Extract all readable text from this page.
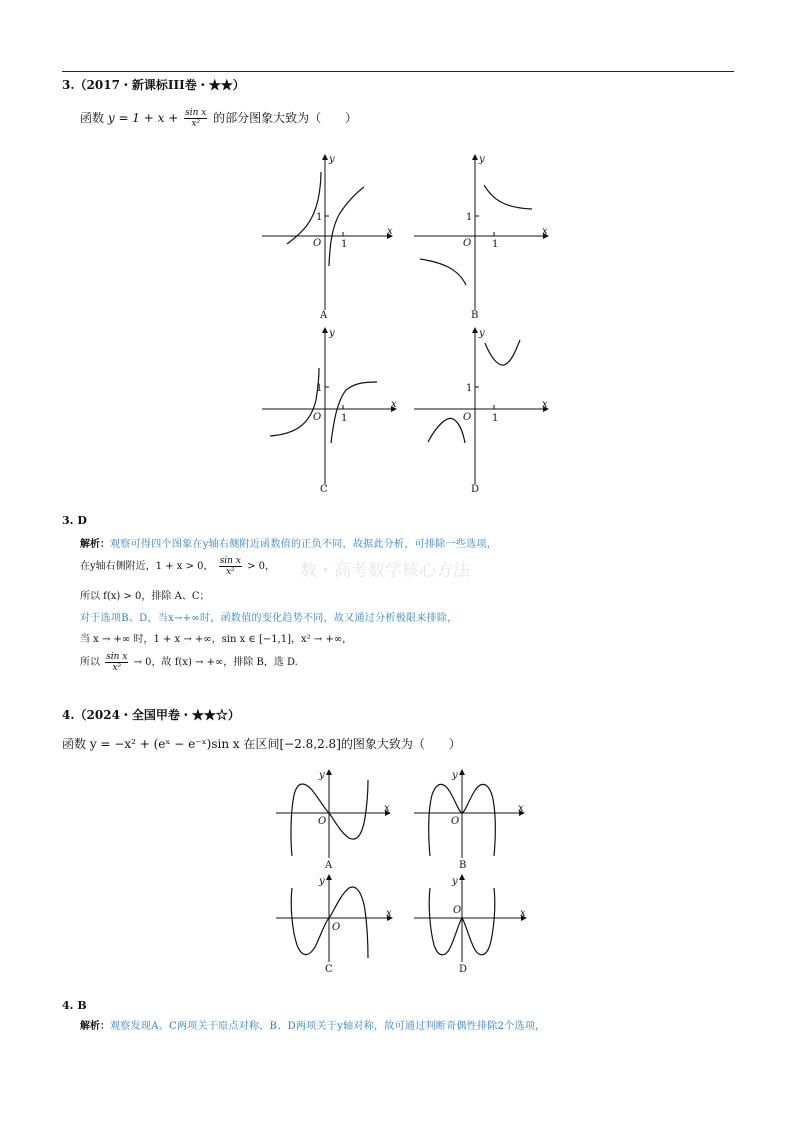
3.（2017・新课标III卷・★★）
函数 $y = 1 + x + \frac{\text{sin x}}{\text{x²}}$ 的部分图象大致为（　　）
x
y
O
1
1
A
x
y
O
1
1
B
x
y
O
1
1
C
x
y
O
1
1
D
x
y
O
A
x
y
O
B
x
y
O
C
x
y
O
D
3. D
解析：观察可得四个图象在y轴右侧附近函数值的正负不同，故据此分析，可排除一些选项，
在y轴右侧附近，1 + x > 0， $\frac{\text{sin x}}{\text{x²}} > 0$， 数・高考数学核心方法
所以 f(x) > 0，排除 A、C；
对于选项B、D，当x→+∞时，函数值的变化趋势不同，故又通过分析极限来排除，
当 x → +∞ 时，1 + x → +∞，sin x ∈ [−1,1]，x² → +∞，
所以 $\frac{\text{sin x}}{\text{x²}} \to 0$，故 f(x) → +∞，排除 B，选 D.
4.（2024・全国甲卷・★★☆）
函数 y = −x² + (eˣ − e⁻ˣ)sin x 在区间[−2.8,2.8]的图象大致为（　　）
4. B
解析：观察发现A、C两项关于原点对称，B、D两项关于y轴对称，故可通过判断奇偶性排除2个选项，
